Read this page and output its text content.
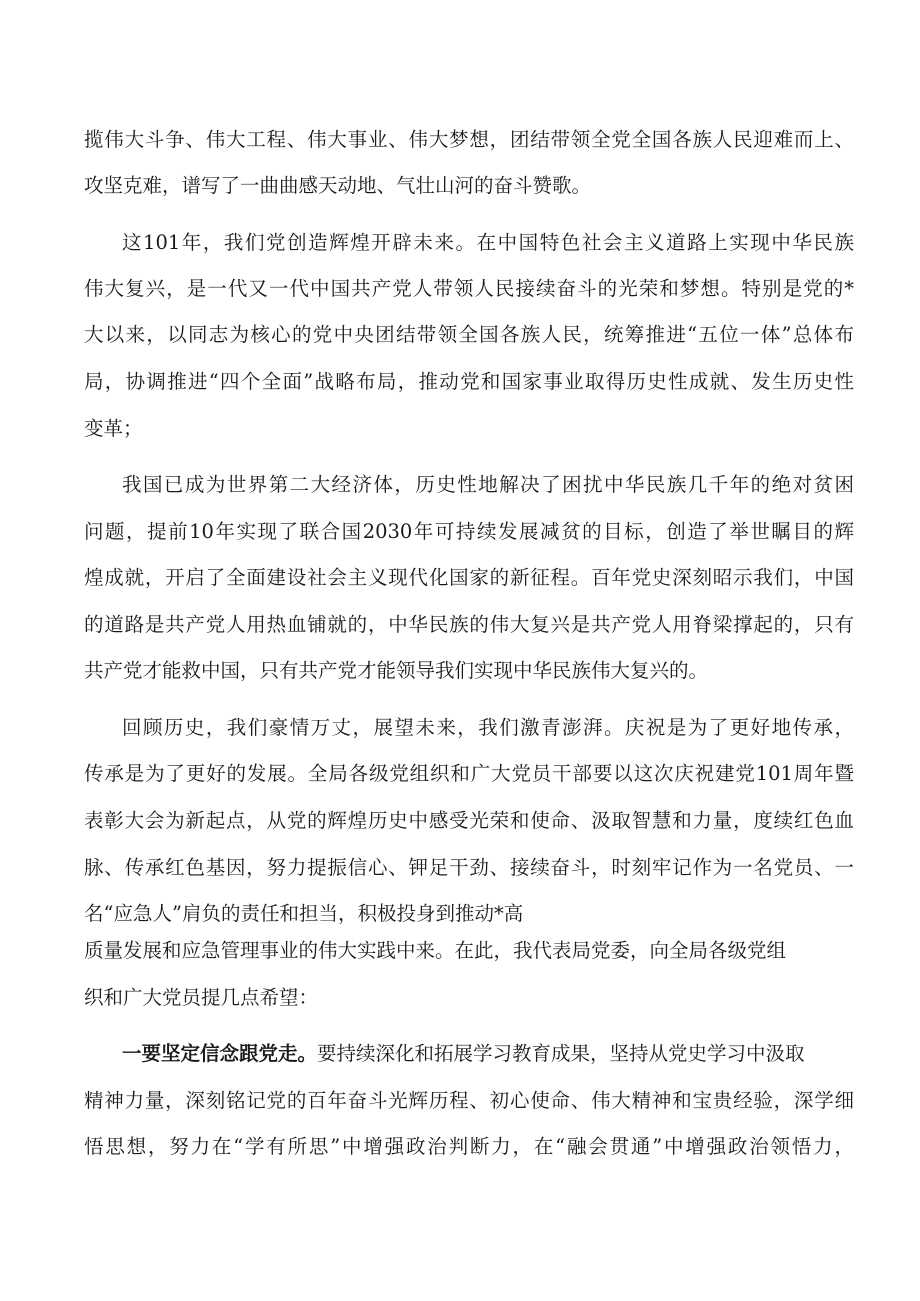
揽伟大斗争、伟大工程、伟大事业、伟大梦想，团结带领全党全国各族人民迎难而上、
攻坚克难，谱写了一曲曲感天动地、气壮山河的奋斗赞歌。
这101年，我们党创造辉煌开辟未来。在中国特色社会主义道路上实现中华民族
伟大复兴，是一代又一代中国共产党人带领人民接续奋斗的光荣和梦想。特别是党的*
大以来，以同志为核心的党中央团结带领全国各族人民，统筹推进“五位一体”总体布
局，协调推进“四个全面”战略布局，推动党和国家事业取得历史性成就、发生历史性
变革；
我国已成为世界第二大经济体，历史性地解决了困扰中华民族几千年的绝对贫困
问题，提前10年实现了联合国2030年可持续发展减贫的目标，创造了举世瞩目的辉
煌成就，开启了全面建设社会主义现代化国家的新征程。百年党史深刻昭示我们，中国
的道路是共产党人用热血铺就的，中华民族的伟大复兴是共产党人用脊梁撑起的，只有
共产党才能救中国，只有共产党才能领导我们实现中华民族伟大复兴的。
回顾历史，我们豪情万丈，展望未来，我们激青澎湃。庆祝是为了更好地传承，
传承是为了更好的发展。全局各级党组织和广大党员干部要以这次庆祝建党101周年暨
表彰大会为新起点，从党的辉煌历史中感受光荣和使命、汲取智慧和力量，度续红色血
脉、传承红色基因，努力提振信心、钾足干劲、接续奋斗，时刻牢记作为一名党员、一
名“应急人”肩负的责任和担当，积极投身到推动*高
质量发展和应急管理事业的伟大实践中来。在此，我代表局党委，向全局各级党组
织和广大党员提几点希望：
一要坚定信念跟党走。要持续深化和拓展学习教育成果，坚持从党史学习中汲取
精神力量，深刻铭记党的百年奋斗光辉历程、初心使命、伟大精神和宝贵经验，深学细
悟思想，努力在“学有所思”中增强政治判断力，在“融会贯通”中增强政治领悟力，
